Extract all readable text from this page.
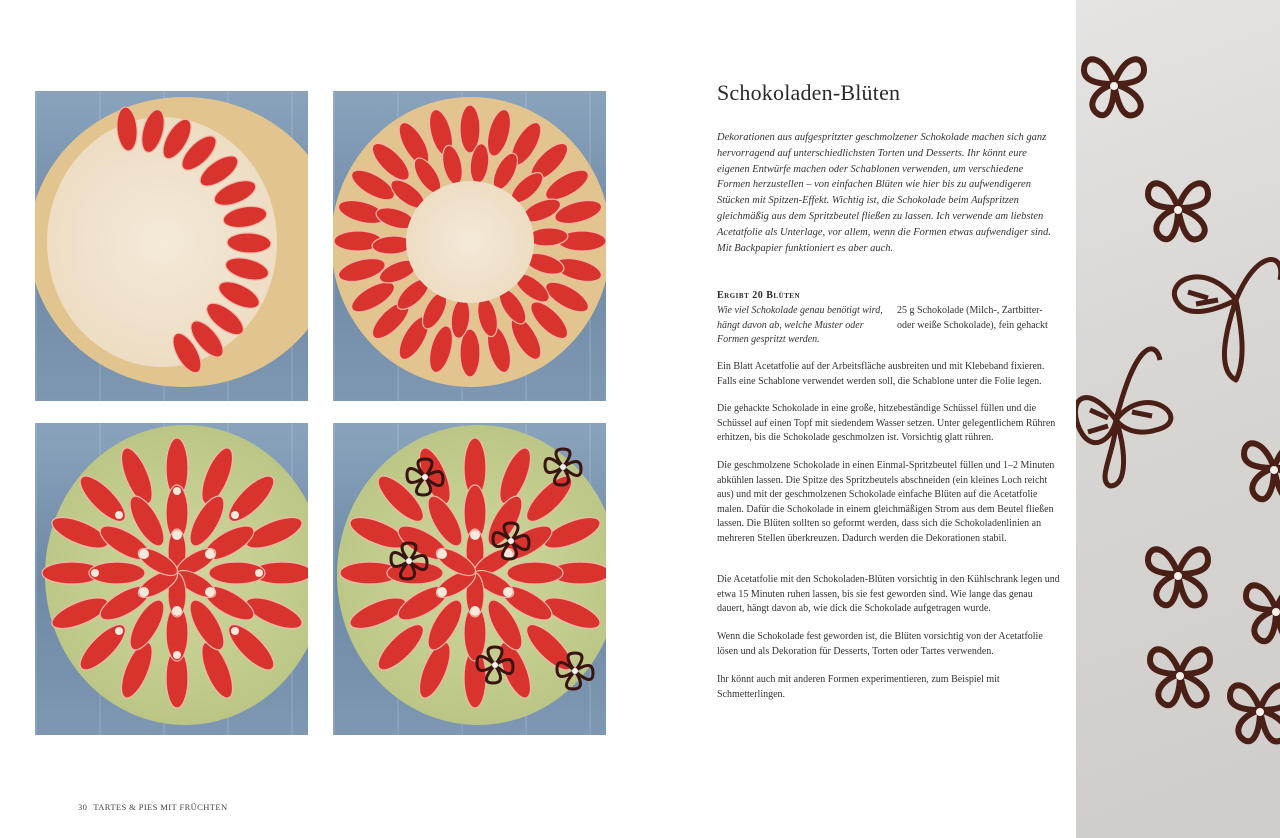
Schokoladen-Blüten

Dekorationen aus aufgespritzter geschmolzener Schokolade machen sich ganz hervorragend auf unterschiedlichsten Torten und Desserts. Ihr könnt eure eigenen Entwürfe machen oder Schablonen verwenden, um verschiedene Formen herzustellen – von einfachen Blüten wie hier bis zu aufwendigeren Stücken mit Spitzen-Effekt. Wichtig ist, die Schokolade beim Aufspritzen gleichmäßig aus dem Spritzbeutel fließen zu lassen. Ich verwende am liebsten Acetatfolie als Unterlage, vor allem, wenn die Formen etwas aufwendiger sind. Mit Backpapier funktioniert es aber auch.

Ergibt 20 Blüten

Wie viel Schokolade genau benötigt wird, hängt davon ab, welche Muster oder Formen gespritzt werden.

25 g Schokolade (Milch-, Zartbitter- oder weiße Schokolade), fein gehackt

Ein Blatt Acetatfolie auf der Arbeitsfläche ausbreiten und mit Klebeband fixieren. Falls eine Schablone verwendet werden soll, die Schablone unter die Folie legen.

Die gehackte Schokolade in eine große, hitzebeständige Schüssel füllen und die Schüssel auf einen Topf mit siedendem Wasser setzen. Unter gelegentlichem Rühren erhitzen, bis die Schokolade geschmolzen ist. Vorsichtig glatt rühren.

Die geschmolzene Schokolade in einen Einmal-Spritzbeutel füllen und 1–2 Minuten abkühlen lassen. Die Spitze des Spritzbeutels abschneiden (ein kleines Loch reicht aus) und mit der geschmolzenen Schokolade einfache Blüten auf die Acetatfolie malen. Dafür die Schokolade in einem gleichmäßigen Strom aus dem Beutel fließen lassen. Die Blüten sollten so geformt werden, dass sich die Schokoladenlinien an mehreren Stellen überkreuzen. Dadurch werden die Dekorationen stabil.

Die Acetatfolie mit den Schokoladen-Blüten vorsichtig in den Kühlschrank legen und etwa 15 Minuten ruhen lassen, bis sie fest geworden sind. Wie lange das genau dauert, hängt davon ab, wie dick die Schokolade aufgetragen wurde.

Wenn die Schokolade fest geworden ist, die Blüten vorsichtig von der Acetatfolie lösen und als Dekoration für Desserts, Torten oder Tartes verwenden.

Ihr könnt auch mit anderen Formen experimentieren, zum Beispiel mit Schmetterlingen.

30 TARTES & PIES MIT FRÜCHTEN
